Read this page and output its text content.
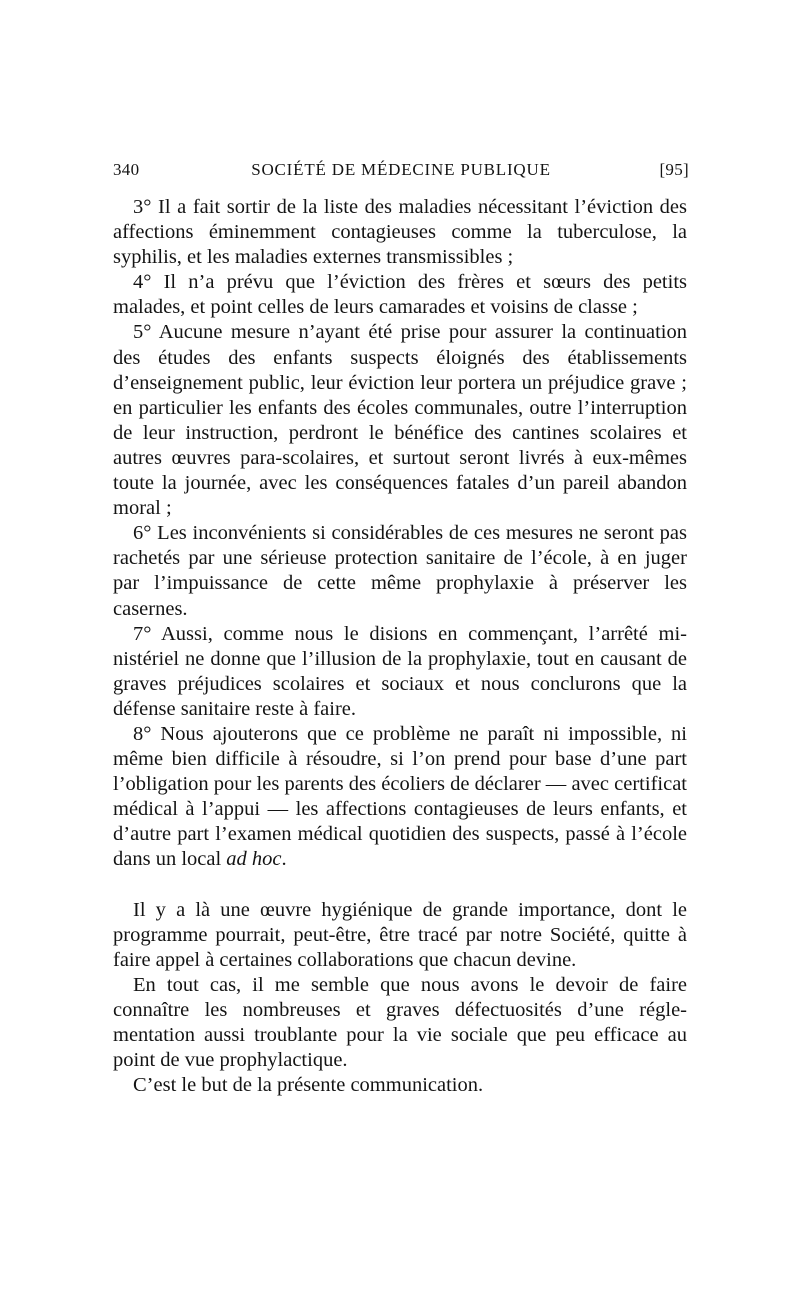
340	SOCIÉTÉ DE MÉDECINE PUBLIQUE	[95]

3° Il a fait sortir de la liste des maladies nécessitant l’éviction des affections éminemment contagieuses comme la tuberculose, la syphilis, et les maladies externes transmissibles ;

4° Il n’a prévu que l’éviction des frères et sœurs des petits malades, et point celles de leurs camarades et voisins de classe ;

5° Aucune mesure n’ayant été prise pour assurer la continuation des études des enfants suspects éloignés des établissements d’enseignement public, leur éviction leur portera un préjudice grave ; en particulier les enfants des écoles communales, outre l’interruption de leur instruction, perdront le bénéfice des cantines scolaires et autres œuvres para-scolaires, et surtout seront livrés à eux-mêmes toute la journée, avec les conséquences fatales d’un pareil abandon moral ;

6° Les inconvénients si considérables de ces mesures ne seront pas rachetés par une sérieuse protection sanitaire de l’école, à en juger par l’impuissance de cette même prophylaxie à préserver les casernes.

7° Aussi, comme nous le disions en commençant, l’arrêté ministériel ne donne que l’illusion de la prophylaxie, tout en causant de graves préjudices scolaires et sociaux et nous conclurons que la défense sanitaire reste à faire.

8° Nous ajouterons que ce problème ne paraît ni impossible, ni même bien difficile à résoudre, si l’on prend pour base d’une part l’obligation pour les parents des écoliers de déclarer — avec certificat médical à l’appui — les affections contagieuses de leurs enfants, et d’autre part l’examen médical quotidien des suspects, passé à l’école dans un local ad hoc.

Il y a là une œuvre hygiénique de grande importance, dont le programme pourrait, peut-être, être tracé par notre Société, quitte à faire appel à certaines collaborations que chacun devine.

En tout cas, il me semble que nous avons le devoir de faire connaître les nombreuses et graves défectuosités d’une réglementation aussi troublante pour la vie sociale que peu efficace au point de vue prophylactique.

C’est le but de la présente communication.
